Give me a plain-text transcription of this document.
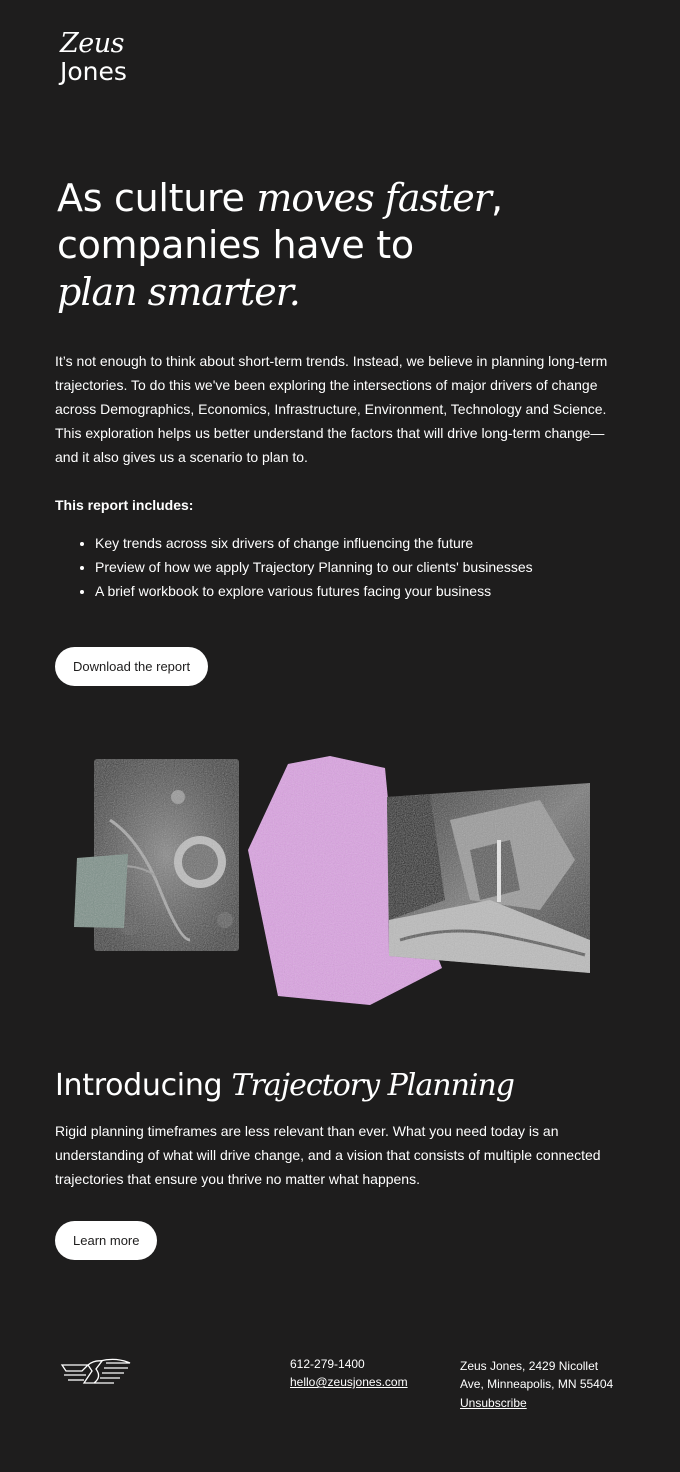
Zeus
Jones
As culture moves faster,
companies have to
plan smarter.

It’s not enough to think about short-term trends. Instead, we believe in planning long-term trajectories. To do this we've been exploring the intersections of major drivers of change across Demographics, Economics, Infrastructure, Environment, Technology and Science. This exploration helps us better understand the factors that will drive long-term change—and it also gives us a scenario to plan to.

This report includes:
• Key trends across six drivers of change influencing the future
• Preview of how we apply Trajectory Planning to our clients' businesses
• A brief workbook to explore various futures facing your business
Download the report
Introducing Trajectory Planning

Rigid planning timeframes are less relevant than ever. What you need today is an understanding of what will drive change, and a vision that consists of multiple connected trajectories that ensure you thrive no matter what happens.

Learn more
612-279-1400
hello@zeusjones.com
Zeus Jones, 2429 Nicollet
Ave, Minneapolis, MN 55404
Unsubscribe
